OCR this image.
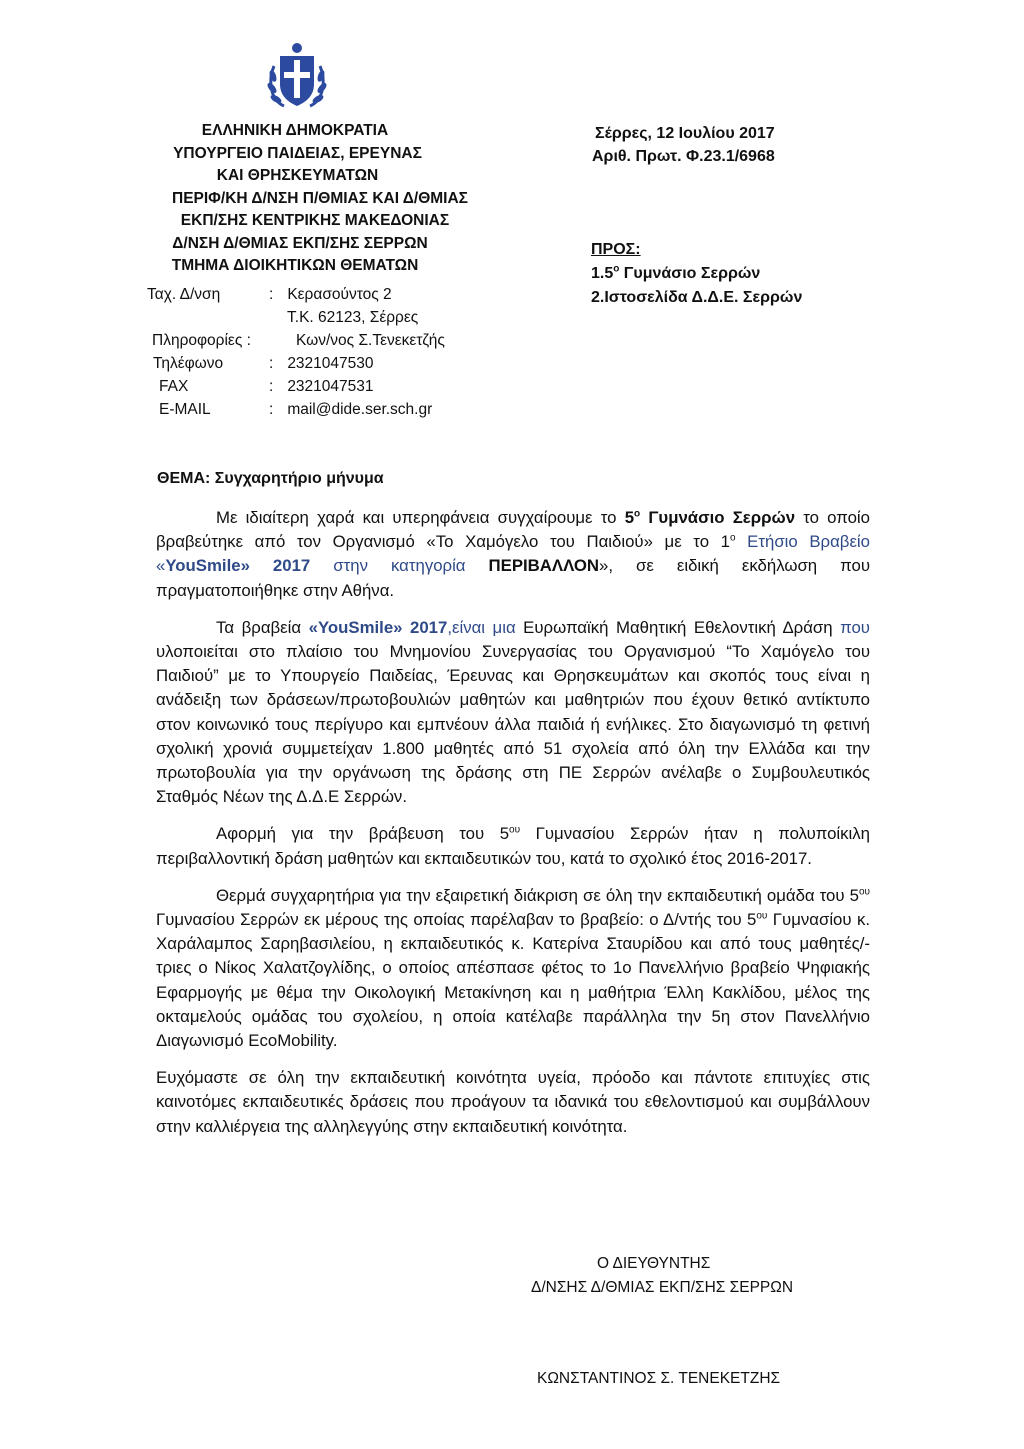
ΕΛΛΗΝΙΚΗ ΔΗΜΟΚΡΑΤΙΑ
ΥΠΟΥΡΓΕΙΟ ΠΑΙΔΕΙΑΣ, ΕΡΕΥΝΑΣ
ΚΑΙ ΘΡΗΣΚΕΥΜΑΤΩΝ
ΠΕΡΙΦ/ΚΗ Δ/ΝΣΗ Π/ΘΜΙΑΣ ΚΑΙ Δ/ΘΜΙΑΣ
ΕΚΠ/ΣΗΣ ΚΕΝΤΡΙΚΗΣ ΜΑΚΕΔΟΝΙΑΣ
Δ/ΝΣΗ Δ/ΘΜΙΑΣ ΕΚΠ/ΣΗΣ ΣΕΡΡΩΝ
ΤΜΗΜΑ ΔΙΟΙΚΗΤΙΚΩΝ ΘΕΜΑΤΩΝ
Ταχ. Δ/νση	: Κερασούντος 2
Τ.Κ. 62123, Σέρρες
Πληροφορίες :	Κων/νος Σ.Τενεκετζής
Τηλέφωνο	: 2321047530
FAX	: 2321047531
E-MAIL	: mail@dide.ser.sch.gr
Σέρρες, 12 Ιουλίου 2017
Αριθ. Πρωτ. Φ.23.1/6968
ΠΡΟΣ:
$1.5^o$ Γυμνάσιο Σερρών
2.Ιστοσελίδα Δ.Δ.Ε. Σερρών
ΘΕΜΑ: Συγχαρητήριο μήνυμα

Με ιδιαίτερη χαρά και υπερηφάνεια συγχαίρουμε το $5^o$ Γυμνάσιο Σερρών το οποίο βραβεύτηκε από τον Οργανισμό «Το Χαμόγελο του Παιδιού» με το $1^o$ Ετήσιο Βραβείο «YouSmile» 2017 στην κατηγορία ΠΕΡΙΒΑΛΛΟΝ», σε ειδική εκδήλωση που πραγματοποιήθηκε στην Αθήνα.

Τα βραβεία «YouSmile» 2017,είναι μια Ευρωπαϊκή Μαθητική Εθελοντική Δράση που υλοποιείται στο πλαίσιο του Μνημονίου Συνεργασίας του Οργανισμού “Το Χαμόγελο του Παιδιού” με το Υπουργείο Παιδείας, Έρευνας και Θρησκευμάτων και σκοπός τους είναι η ανάδειξη των δράσεων/πρωτοβουλιών μαθητών και μαθητριών που έχουν θετικό αντίκτυπο στον κοινωνικό τους περίγυρο και εμπνέουν άλλα παιδιά ή ενήλικες. Στο διαγωνισμό τη φετινή σχολική χρονιά συμμετείχαν 1.800 μαθητές από 51 σχολεία από όλη την Ελλάδα και την πρωτοβουλία για την οργάνωση της δράσης στη ΠΕ Σερρών ανέλαβε ο Συμβουλευτικός Σταθμός Νέων της Δ.Δ.Ε Σερρών.

Αφορμή για την βράβευση του $5^{o\upsilon}$ Γυμνασίου Σερρών ήταν η πολυποίκιλη περιβαλλοντική δράση μαθητών και εκπαιδευτικών του, κατά το σχολικό έτος 2016-2017.

Θερμά συγχαρητήρια για την εξαιρετική διάκριση σε όλη την εκπαιδευτική ομάδα του $5^{o\upsilon}$ Γυμνασίου Σερρών εκ μέρους της οποίας παρέλαβαν το βραβείο: ο Δ/ντής του $5^{o\upsilon}$ Γυμνασίου κ. Χαράλαμπος Σαρηβασιλείου, η εκπαιδευτικός κ. Κατερίνα Σταυρίδου και από τους μαθητές/-τριες ο Νίκος Χαλατζογλίδης, ο οποίος απέσπασε φέτος το 1ο Πανελλήνιο βραβείο Ψηφιακής Εφαρμογής με θέμα την Οικολογική Μετακίνηση και η μαθήτρια Έλλη Κακλίδου, μέλος της οκταμελούς ομάδας του σχολείου, η οποία κατέλαβε παράλληλα την 5η στον Πανελλήνιο Διαγωνισμό EcoMobility.

Ευχόμαστε σε όλη την εκπαιδευτική κοινότητα υγεία, πρόοδο και πάντοτε επιτυχίες στις καινοτόμες εκπαιδευτικές δράσεις που προάγουν τα ιδανικά του εθελοντισμού και συμβάλλουν στην καλλιέργεια της αλληλεγγύης στην εκπαιδευτική κοινότητα.

Ο ΔΙΕΥΘΥΝΤΗΣ
Δ/ΝΣΗΣ Δ/ΘΜΙΑΣ ΕΚΠ/ΣΗΣ ΣΕΡΡΩΝ
ΚΩΝΣΤΑΝΤΙΝΟΣ Σ. ΤΕΝΕΚΕΤΖΗΣ
